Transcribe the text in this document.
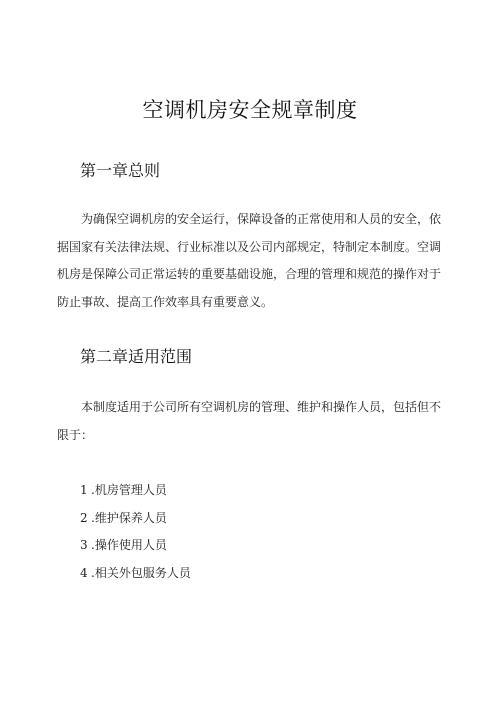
空调机房安全规章制度
第一章总则
为确保空调机房的安全运行，保障设备的正常使用和人员的安全，依据国家有关法律法规、行业标准以及公司内部规定，特制定本制度。空调机房是保障公司正常运转的重要基础设施，合理的管理和规范的操作对于防止事故、提高工作效率具有重要意义。
第二章适用范围
本制度适用于公司所有空调机房的管理、维护和操作人员，包括但不限于：
1 .机房管理人员
2 .维护保养人员
3 .操作使用人员
4 .相关外包服务人员
